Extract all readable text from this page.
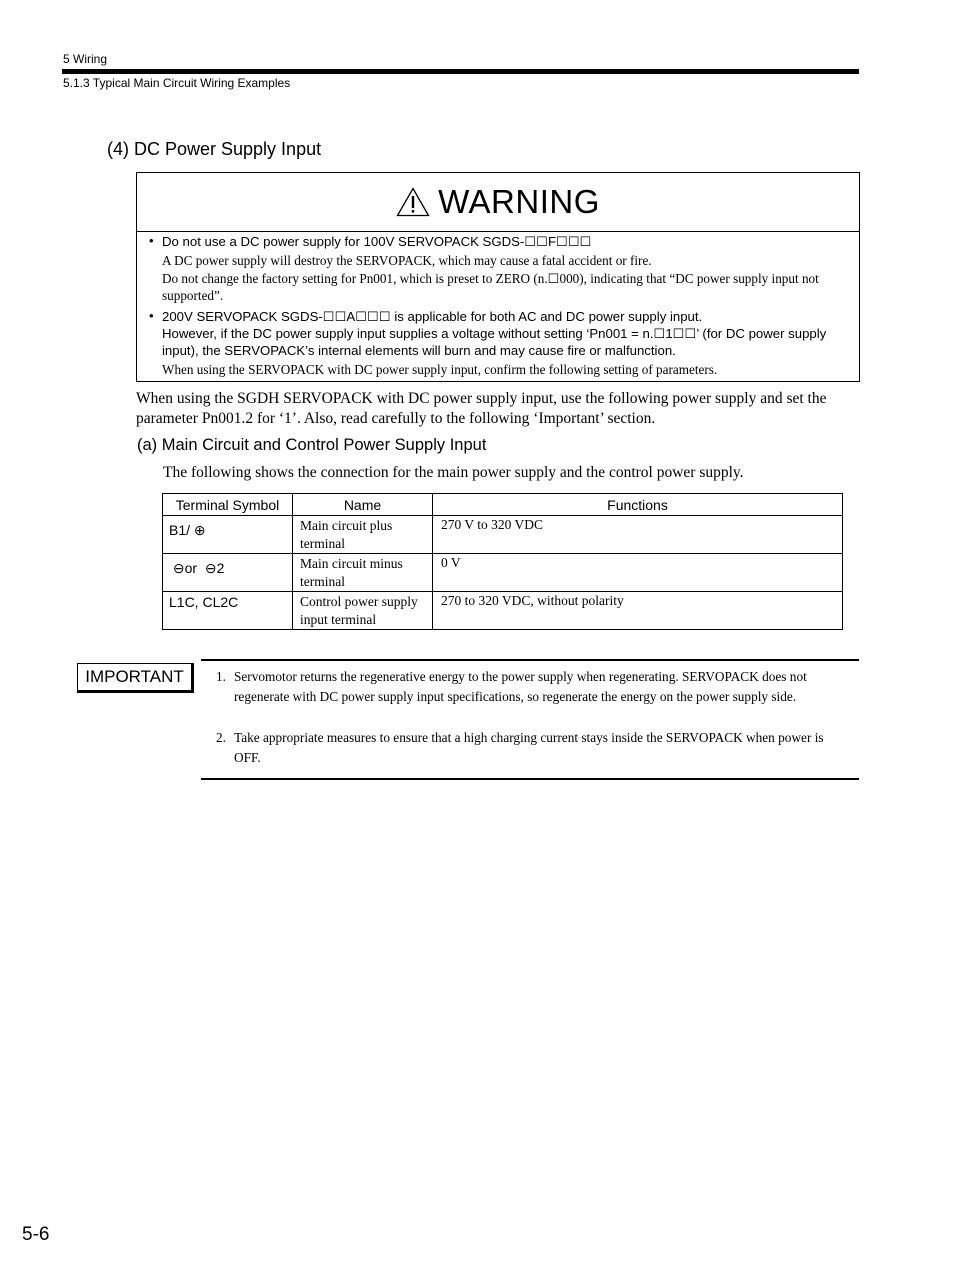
5 Wiring
5.1.3 Typical Main Circuit Wiring Examples
(4) DC Power Supply Input
WARNING
• Do not use a DC power supply for 100V SERVOPACK SGDS-☐☐F☐☐☐
A DC power supply will destroy the SERVOPACK, which may cause a fatal accident or fire.
Do not change the factory setting for Pn001, which is preset to ZERO (n.☐000), indicating that “DC power supply input not supported”.
• 200V SERVOPACK SGDS-☐☐A☐☐☐ is applicable for both AC and DC power supply input.
However, if the DC power supply input supplies a voltage without setting ‘Pn001 = n.☐1☐☐’ (for DC power supply input), the SERVOPACK’s internal elements will burn and may cause fire or malfunction.
When using the SERVOPACK with DC power supply input, confirm the following setting of parameters.
When using the SGDH SERVOPACK with DC power supply input, use the following power supply and set the parameter Pn001.2 for ‘1’. Also, read carefully to the following ‘Important’ section.
(a) Main Circuit and Control Power Supply Input
The following shows the connection for the main power supply and the control power supply.
Terminal Symbol	Name	Functions
B1/ ⊕	Main circuit plus terminal	270 V to 320 VDC
⊖or  ⊖2	Main circuit minus terminal	0 V
L1C, CL2C	Control power supply input terminal	270 to 320 VDC, without polarity
IMPORTANT	1. Servomotor returns the regenerative energy to the power supply when regenerating. SERVOPACK does not regenerate with DC power supply input specifications, so regenerate the energy on the power supply side.
2. Take appropriate measures to ensure that a high charging current stays inside the SERVOPACK when power is OFF.
5-6
